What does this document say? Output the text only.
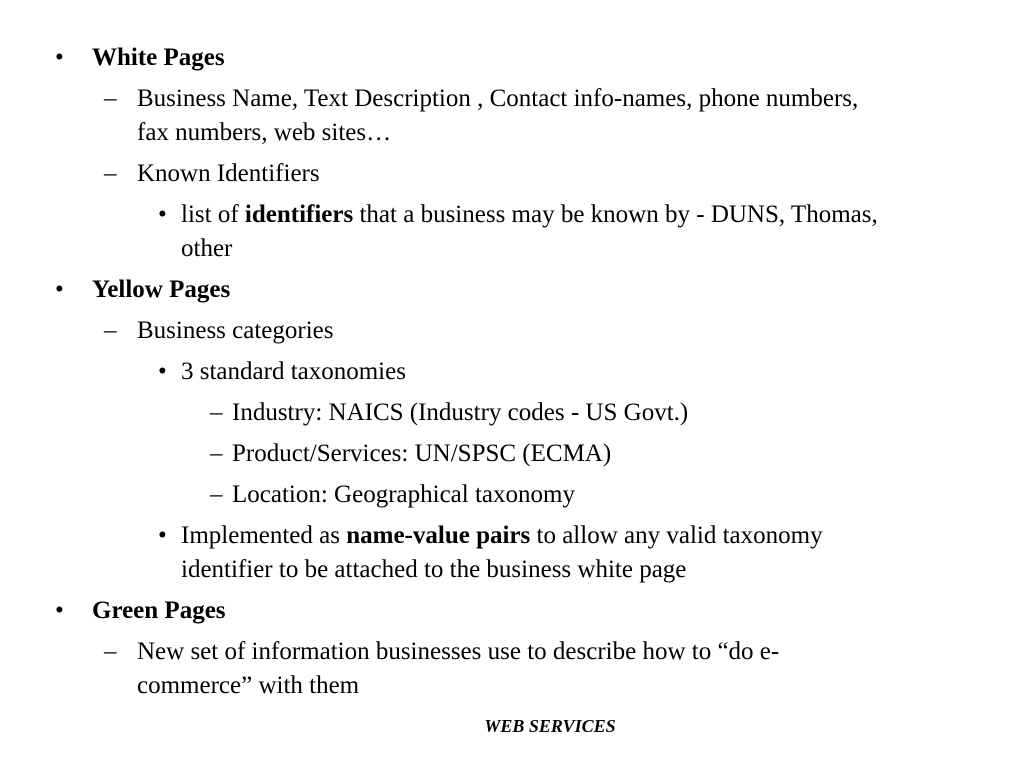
• White Pages
– Business Name, Text Description , Contact info-names, phone numbers,
fax numbers, web sites…
– Known Identifiers
• list of identifiers that a business may be known by - DUNS, Thomas,
other
• Yellow Pages
– Business categories
• 3 standard taxonomies
– Industry: NAICS (Industry codes - US Govt.)
– Product/Services: UN/SPSC (ECMA)
– Location: Geographical taxonomy
• Implemented as name-value pairs to allow any valid taxonomy
identifier to be attached to the business white page
• Green Pages
– New set of information businesses use to describe how to “do e-
commerce” with them
WEB SERVICES
